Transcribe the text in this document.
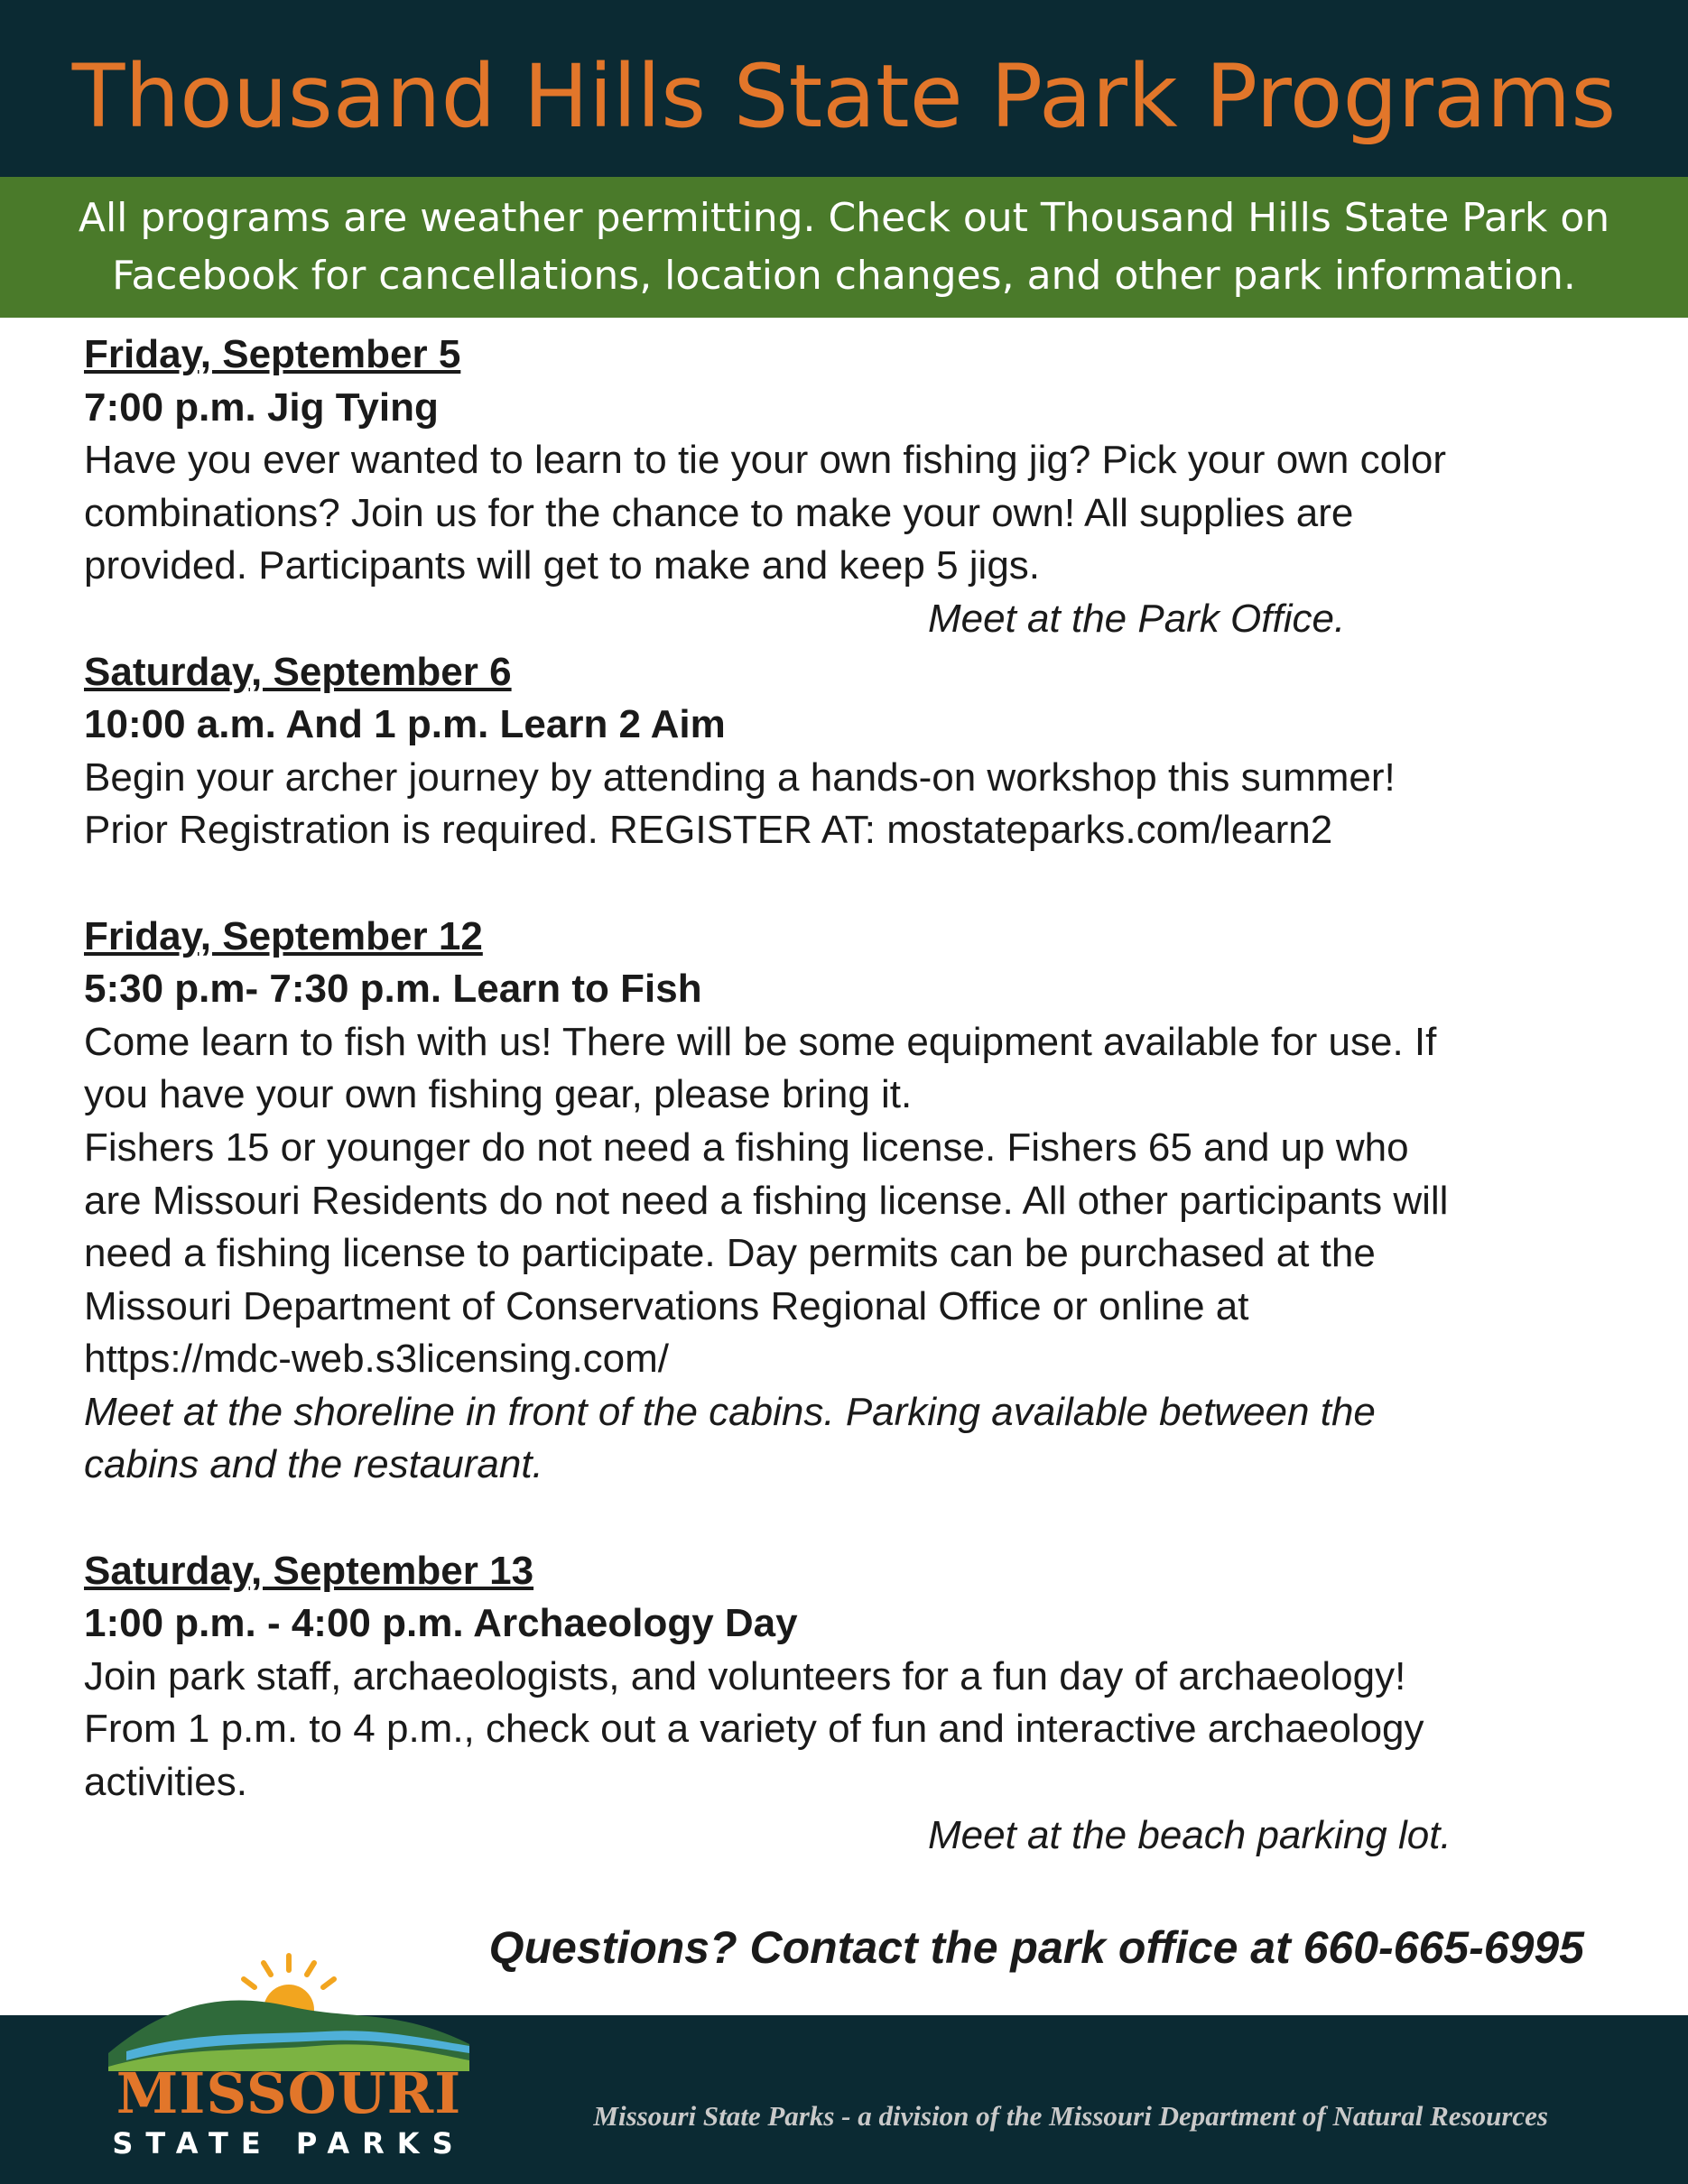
Thousand Hills State Park Programs
All programs are weather permitting. Check out Thousand Hills State Park on
Facebook for cancellations, location changes, and other park information.

Friday, September 5

7:00 p.m. Jig Tying

Have you ever wanted to learn to tie your own fishing jig? Pick your own color

combinations? Join us for the chance to make your own! All supplies are

provided. Participants will get to make and keep 5 jigs.

Meet at the Park Office.

Saturday, September 6

10:00 a.m. And 1 p.m. Learn 2 Aim

Begin your archer journey by attending a hands-on workshop this summer!

Prior Registration is required. REGISTER AT: mostateparks.com/learn2

Friday, September 12

5:30 p.m- 7:30 p.m. Learn to Fish

Come learn to fish with us! There will be some equipment available for use. If

you have your own fishing gear, please bring it.

Fishers 15 or younger do not need a fishing license. Fishers 65 and up who

are Missouri Residents do not need a fishing license. All other participants will

need a fishing license to participate. Day permits can be purchased at the

Missouri Department of Conservations Regional Office or online at

https://mdc-web.s3licensing.com/

Meet at the shoreline in front of the cabins. Parking available between the

cabins and the restaurant.

Saturday, September 13

1:00 p.m. - 4:00 p.m. Archaeology Day

Join park staff, archaeologists, and volunteers for a fun day of archaeology!

From 1 p.m. to 4 p.m., check out a variety of fun and interactive archaeology

activities.

Meet at the beach parking lot.

Questions? Contact the park office at 660-665-6995
MISSOURI
STATE PARKS
Missouri State Parks - a division of the Missouri Department of Natural Resources
